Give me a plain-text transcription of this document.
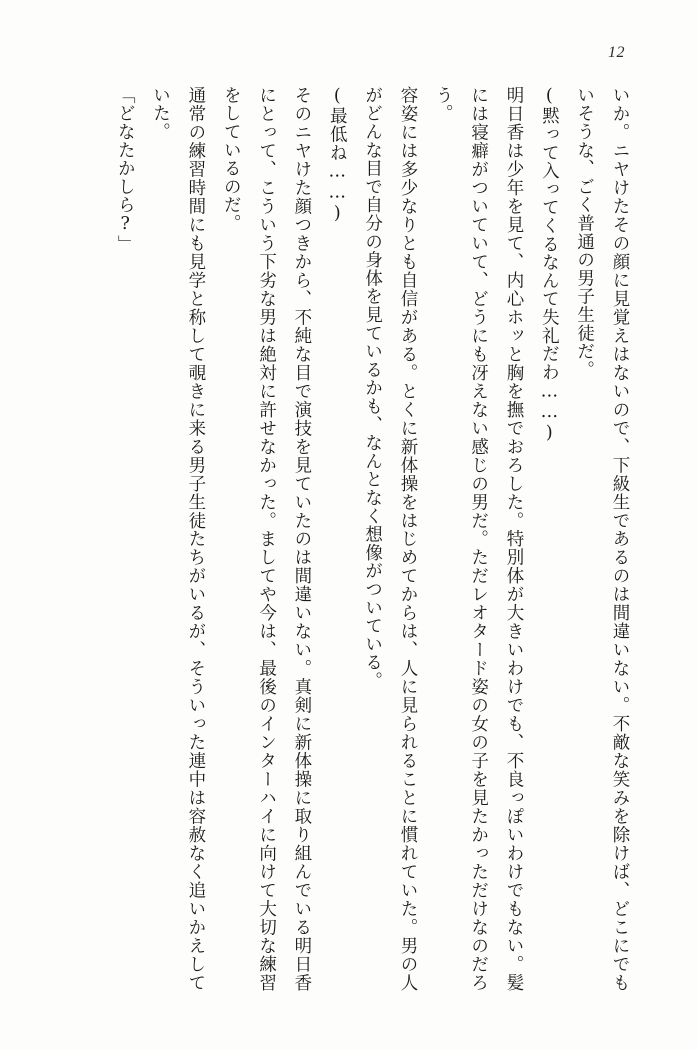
12

いか。ニヤけたその顔に見覚えはないので、下級生であるのは間違いない。不敵な笑みを除けば、どこにでもいそうな、ごく普通の男子生徒だ。

(黙って入ってくるなんて失礼だわ……)

明日香は少年を見て、内心ホッと胸を撫でおろした。特別体が大きいわけでも、不良っぽいわけでもない。髪には寝癖がついていて、どうにも冴えない感じの男だ。ただレオタード姿の女の子を見たかっただけなのだろう。

容姿には多少なりとも自信がある。とくに新体操をはじめてからは、人に見られることに慣れていた。男の人がどんな目で自分の身体を見ているかも、なんとなく想像がついている。

(最低ね……)

そのニヤけた顔つきから、不純な目で演技を見ていたのは間違いない。真剣に新体操に取り組んでいる明日香にとって、こういう下劣な男は絶対に許せなかった。ましてや今は、最後のインターハイに向けて大切な練習をしているのだ。

通常の練習時間にも見学と称して覗きに来る男子生徒たちがいるが、そういった連中は容赦なく追いかえしていた。

「どなたかしら?」
